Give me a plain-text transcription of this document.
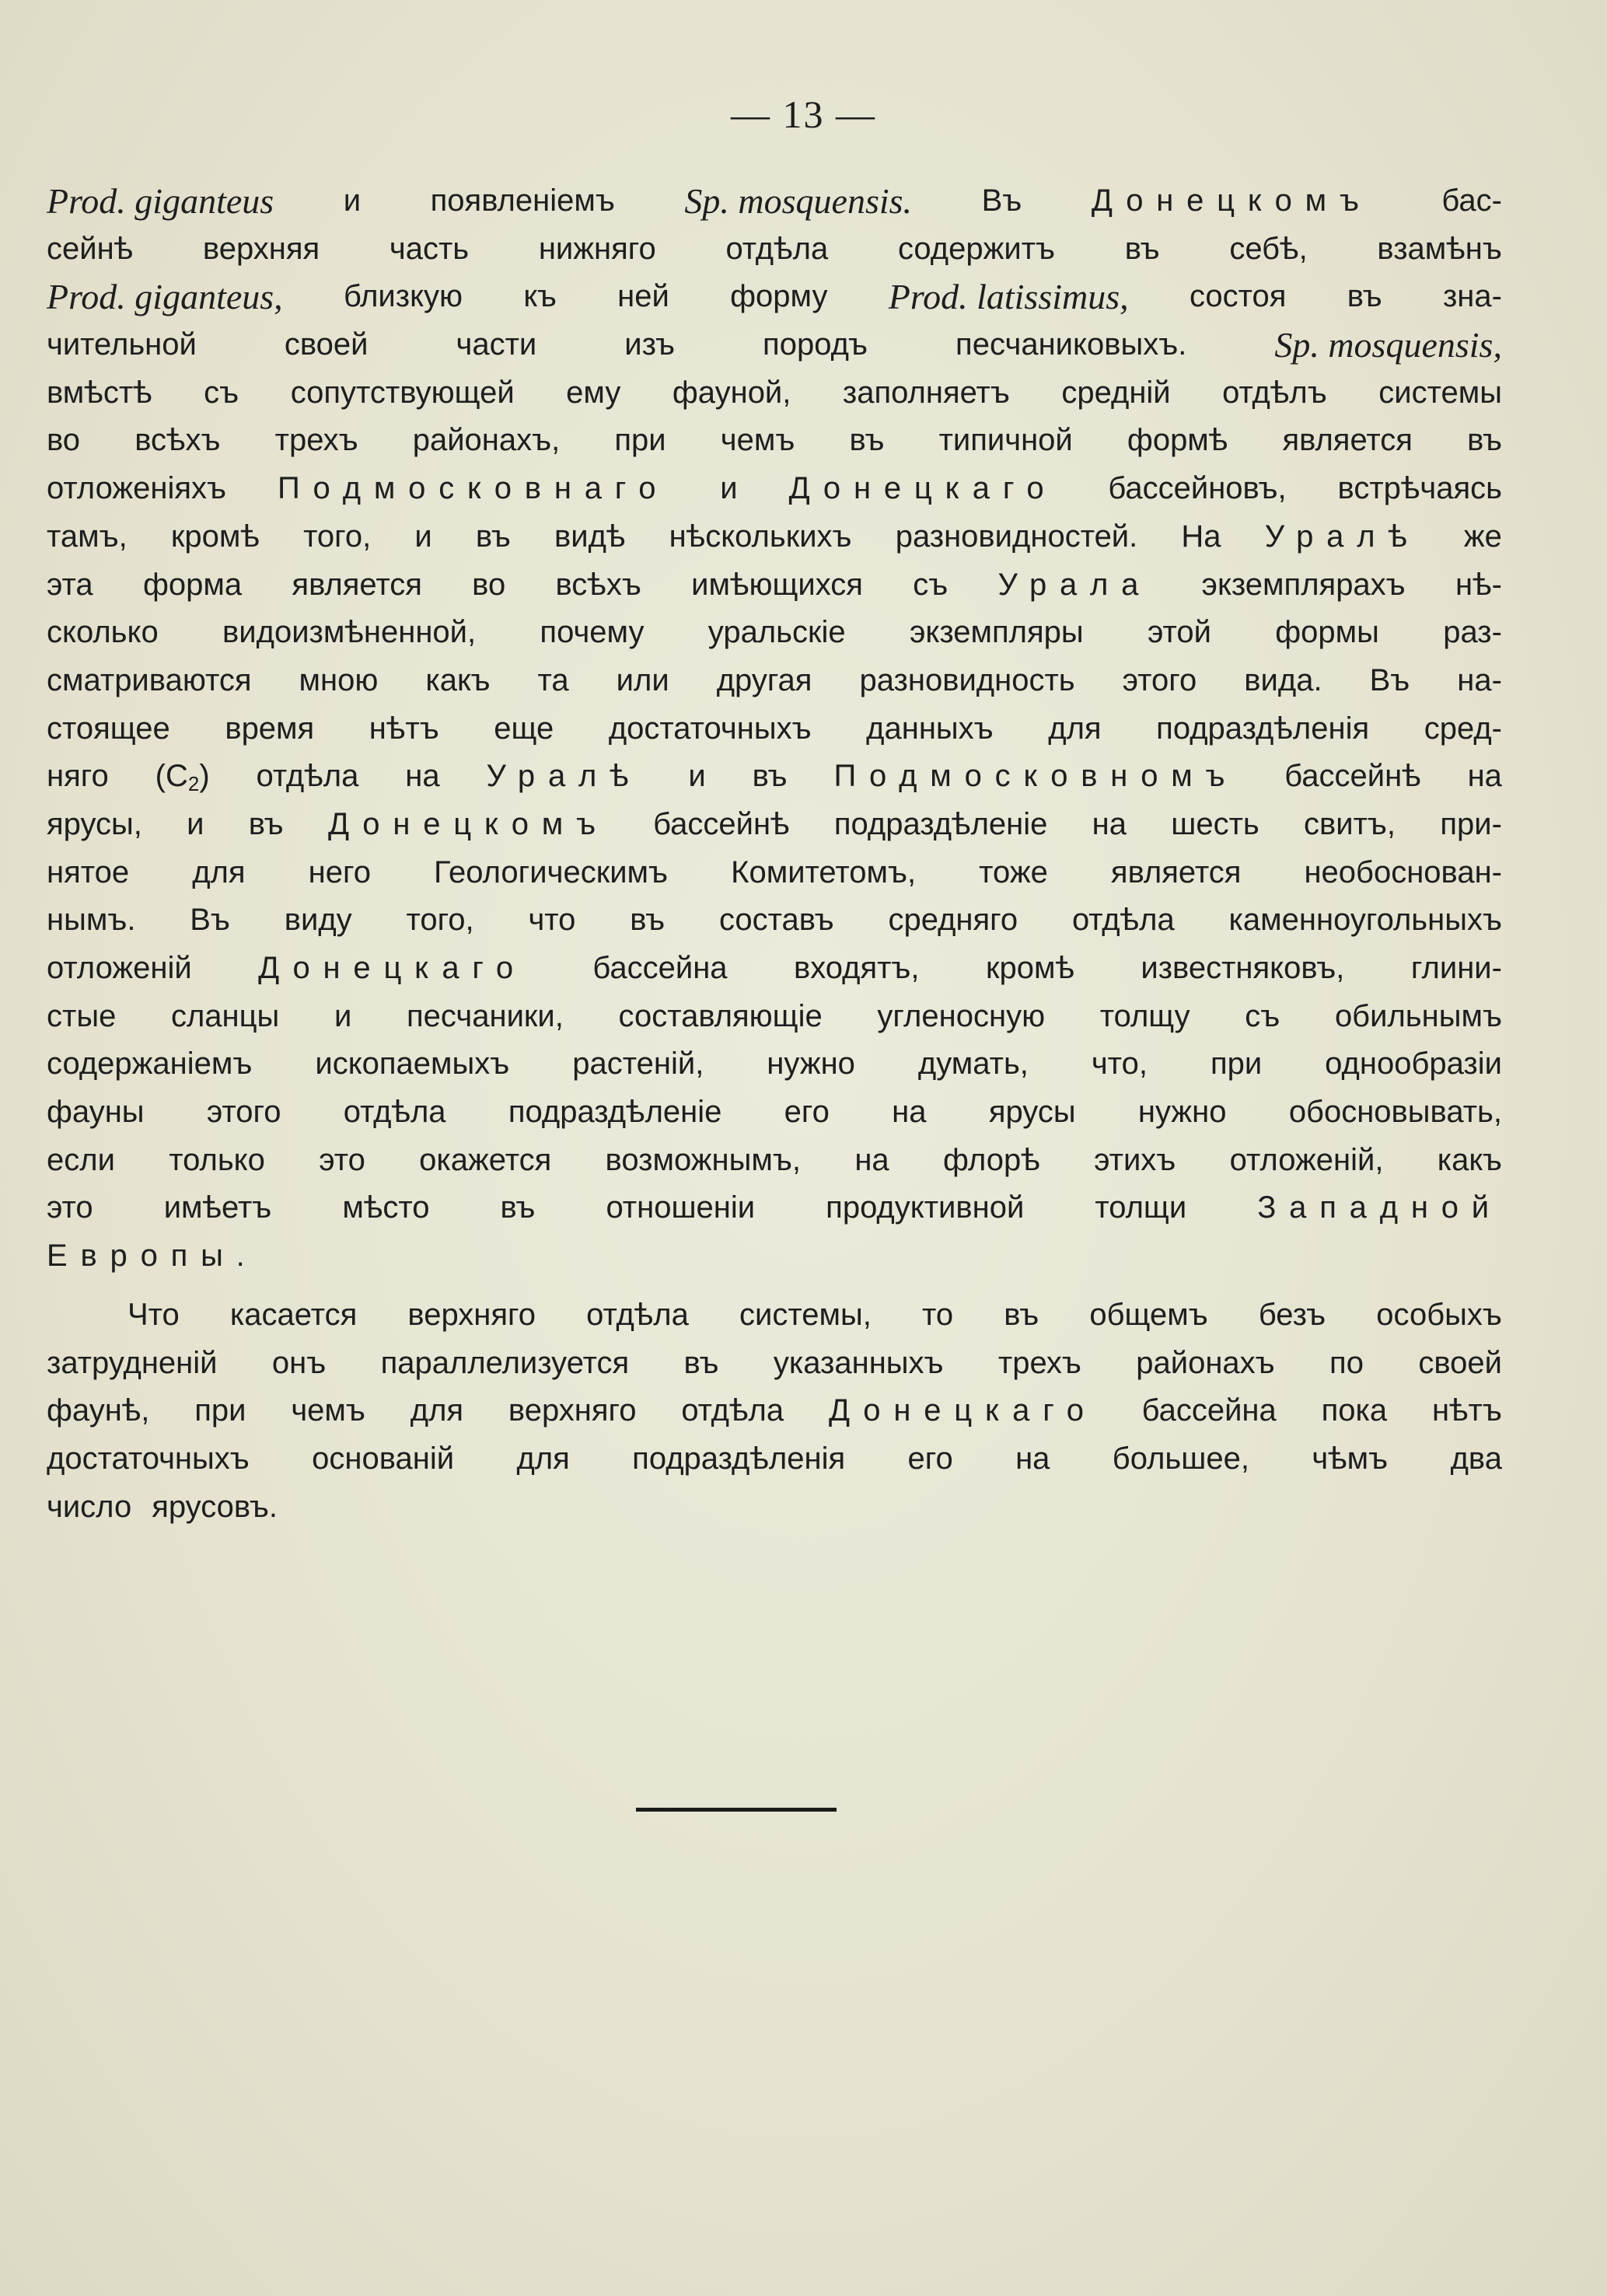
— 13 —
Prod. giganteus и появленіемъ Sp. mosquensis. Въ Донецкомъ бас-
сейнѣ верхняя часть нижняго отдѣла содержитъ въ себѣ, взамѣнъ
Prod. giganteus, близкую къ ней форму Prod. latissimus, состоя въ зна-
чительной	своей	части	изъ	породъ	песчаниковыхъ. Sp. mosquensis,
вмѣстѣ съ сопутствующей ему фауной, заполняетъ средній отдѣлъ системы
во всѣхъ трехъ районахъ, при чемъ въ типичной формѣ является въ
отложеніяхъ Подмосковнаго и Донецкаго бассейновъ, встрѣчаясь
тамъ, кромѣ того, и въ видѣ нѣсколькихъ разновидностей. На Уралѣ же
эта форма является во всѣхъ имѣющихся съ Урала экземплярахъ нѣ-
сколько видоизмѣненной, почему уральскіе экземпляры этой формы раз-
сматриваются мною какъ та или другая разновидность этого вида. Въ на-
стоящее время нѣтъ еще достаточныхъ данныхъ для подраздѣленія сред-
няго $(C_2)$ отдѣла на Уралѣ и въ Подмосковномъ бассейнѣ на
ярусы, и въ Донецкомъ бассейнѣ подраздѣленіе на шесть свитъ, при-
нятое для него Геологическимъ Комитетомъ, тоже является необоснован-
нымъ. Въ виду того, что въ составъ средняго отдѣла каменноугольныхъ
отложеній Донецкаго бассейна входятъ, кромѣ известняковъ, глини-
стые сланцы и песчаники, составляющіе угленосную толщу съ обильнымъ
содержаніемъ ископаемыхъ растеній, нужно думать, что, при однообразіи
фауны этого отдѣла подраздѣленіе его на ярусы нужно обосновывать,
если только это окажется возможнымъ, на флорѣ этихъ отложеній, какъ
это имѣетъ мѣсто въ отношеніи продуктивной толщи Западной
Европы.
Что касается верхняго отдѣла системы, то въ общемъ безъ особыхъ
затрудненій онъ параллелизуется въ указанныхъ трехъ районахъ по своей
фаунѣ, при чемъ для верхняго отдѣла Донецкаго бассейна пока нѣтъ
достаточныхъ основаній для подраздѣленія его на большее, чѣмъ два
число ярусовъ.
